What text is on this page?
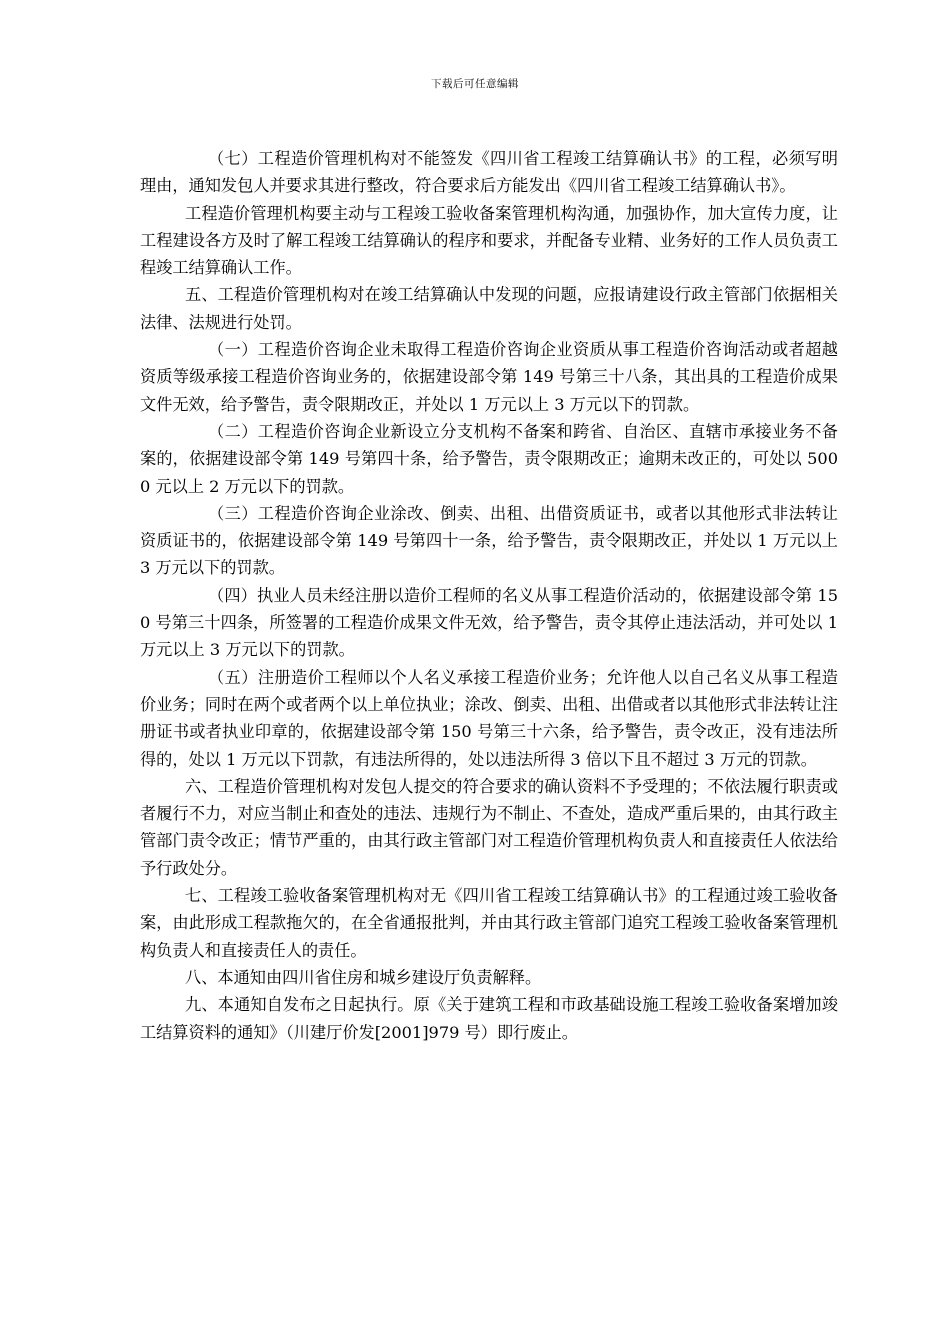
下载后可任意编辑

（七）工程造价管理机构对不能签发《四川省工程竣工结算确认书》的工程，必须写明理由，通知发包人并要求其进行整改，符合要求后方能发出《四川省工程竣工结算确认书》。

工程造价管理机构要主动与工程竣工验收备案管理机构沟通，加强协作，加大宣传力度，让工程建设各方及时了解工程竣工结算确认的程序和要求，并配备专业精、业务好的工作人员负责工程竣工结算确认工作。

五、工程造价管理机构对在竣工结算确认中发现的问题，应报请建设行政主管部门依据相关法律、法规进行处罚。

（一）工程造价咨询企业未取得工程造价咨询企业资质从事工程造价咨询活动或者超越资质等级承接工程造价咨询业务的，依据建设部令第 149 号第三十八条，其出具的工程造价成果文件无效，给予警告，责令限期改正，并处以 1 万元以上 3 万元以下的罚款。

（二）工程造价咨询企业新设立分支机构不备案和跨省、自治区、直辖市承接业务不备案的，依据建设部令第 149 号第四十条，给予警告，责令限期改正；逾期未改正的，可处以 5000 元以上 2 万元以下的罚款。

（三）工程造价咨询企业涂改、倒卖、出租、出借资质证书，或者以其他形式非法转让资质证书的，依据建设部令第 149 号第四十一条，给予警告，责令限期改正，并处以 1 万元以上 3 万元以下的罚款。

（四）执业人员未经注册以造价工程师的名义从事工程造价活动的，依据建设部令第 150 号第三十四条，所签署的工程造价成果文件无效，给予警告，责令其停止违法活动，并可处以 1 万元以上 3 万元以下的罚款。

（五）注册造价工程师以个人名义承接工程造价业务；允许他人以自己名义从事工程造价业务；同时在两个或者两个以上单位执业；涂改、倒卖、出租、出借或者以其他形式非法转让注册证书或者执业印章的，依据建设部令第 150 号第三十六条，给予警告，责令改正，没有违法所得的，处以 1 万元以下罚款，有违法所得的，处以违法所得 3 倍以下且不超过 3 万元的罚款。

六、工程造价管理机构对发包人提交的符合要求的确认资料不予受理的；不依法履行职责或者履行不力，对应当制止和查处的违法、违规行为不制止、不查处，造成严重后果的，由其行政主管部门责令改正；情节严重的，由其行政主管部门对工程造价管理机构负责人和直接责任人依法给予行政处分。

七、工程竣工验收备案管理机构对无《四川省工程竣工结算确认书》的工程通过竣工验收备案，由此形成工程款拖欠的，在全省通报批判，并由其行政主管部门追究工程竣工验收备案管理机构负责人和直接责任人的责任。

八、本通知由四川省住房和城乡建设厅负责解释。

九、本通知自发布之日起执行。原《关于建筑工程和市政基础设施工程竣工验收备案增加竣工结算资料的通知》（川建厅价发[2001]979 号）即行废止。
